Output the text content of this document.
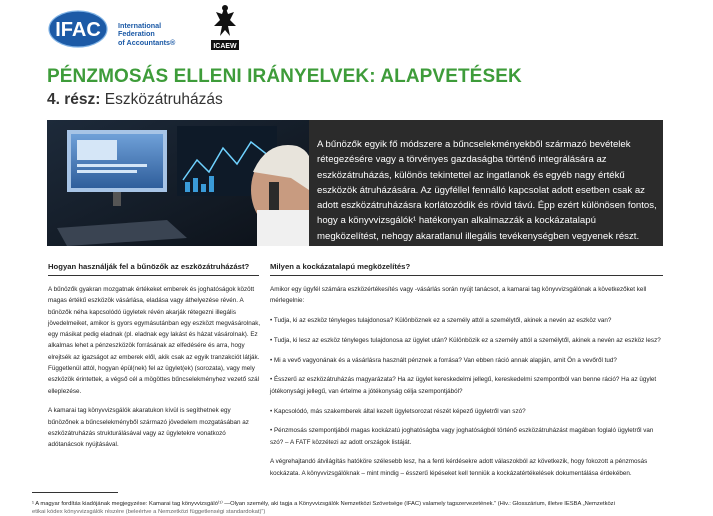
IFAC International
Federation
of Accountants®	ICAEW
PÉNZMOSÁS ELLENI IRÁNYELVEK: ALAPVETÉSEK
4. rész: Eszközátruházás
A bűnözők egyik fő módszere a bűncselekményekből származó bevételek rétegezésére vagy a törvényes gazdaságba történő integrálására az eszközátruházás, különös tekintettel az ingatlanok és egyéb nagy értékű eszközök átruházására. Az ügyféllel fennálló kapcsolat adott esetben csak az adott eszközátruházásra korlátozódik és rövid távú. Épp ezért különösen fontos, hogy a könyvvizsgálók¹ hatékonyan alkalmazzák a kockázatalapú megközelítést, nehogy akaratlanul illegális tevékenységben vegyenek részt.
Hogyan használják fel a bűnözők az eszközátruházást?

A bűnözők gyakran mozgatnak értékeket emberek és joghatóságok között magas értékű eszközök vásárlása, eladása vagy áthelyezése révén. A bűnözők néha kapcsolódó ügyletek révén akarják rétegezni illegális jövedelmeiket, amikor is gyors egymásutánban egy eszközt megvásárolnak, egy másikat pedig eladnak (pl. eladnak egy lakást és házat vásárolnak). Ez alkalmas lehet a pénzeszközök forrásának az elfedésére és arra, hogy elrejtsék az igazságot az emberek elől, akik csak az egyik tranzakciót látják. Függetlenül attól, hogyan épül(nek) fel az ügylet(ek) (sorozata), vagy mely eszközök érintettek, a végső cél a mögöttes bűncselekményhez vezető szál elleplezése.

A kamarai tag könyvvizsgálók akaratukon kívül is segíthetnek egy bűnözőnek a bűncselekményből származó jövedelem mozgatásában az eszközátruházás strukturálásával vagy az ügyletekre vonatkozó adótanácsok nyújtásával.

Milyen a kockázatalapú megközelítés?

Amikor egy ügyfél számára eszközértékesítés vagy -vásárlás során nyújt tanácsot, a kamarai tag könyvvizsgálónak a következőket kell mérlegelnie:

• Tudja, ki az eszköz tényleges tulajdonosa? Különböznek ez a személy attól a személytől, akinek a nevén az eszköz van?

• Tudja, ki lesz az eszköz tényleges tulajdonosa az ügylet után? Különbözik ez a személy attól a személytől, akinek a nevén az eszköz lesz?

• Mi a vevő vagyonának és a vásárlásra használt pénznek a forrása? Van ebben ráció annak alapján, amit Ön a vevőről tud?

• Ésszerű az eszközátruházás magyarázata? Ha az ügylet kereskedelmi jellegű, kereskedelmi szempontból van benne ráció? Ha az ügylet jótékonysági jellegű, van értelme a jótékonyság célja szempontjából?

• Kapcsolódó, más szakemberek által kezelt ügyletsorozat részét képező ügyletről van szó?

• Pénzmosás szempontjából magas kockázatú joghatóságba vagy joghatóságból történő eszközátruházást magában foglaló ügyletről van szó? – A FATF közzétezi az adott országok listáját.

A végrehajtandó átvilágítás hatóköre szélesebb lesz, ha a fenti kérdésekre adott válaszokból az következik, hogy fokozott a pénzmosás kockázata. A könyvvizsgálóknak – mint mindig – ésszerű lépéseket kell tenniük a kockázatértékelések dokumentálása érdekében.

¹ A magyar fordítás kiadójának megjegyzése: Kamarai tag könyvvizsgáló⁽¹⁾ —Olyan személy, aki tagja a Könyvvizsgálók Nemzetközi Szövetsége (IFAC) valamely tagszervezetének.” (Hiv.: Glosszárium, illetve IESBA „Nemzetközi
etikai kódex könyvvizsgálók részére (beleértve a Nemzetközi függetlenségi standardokat)”)
